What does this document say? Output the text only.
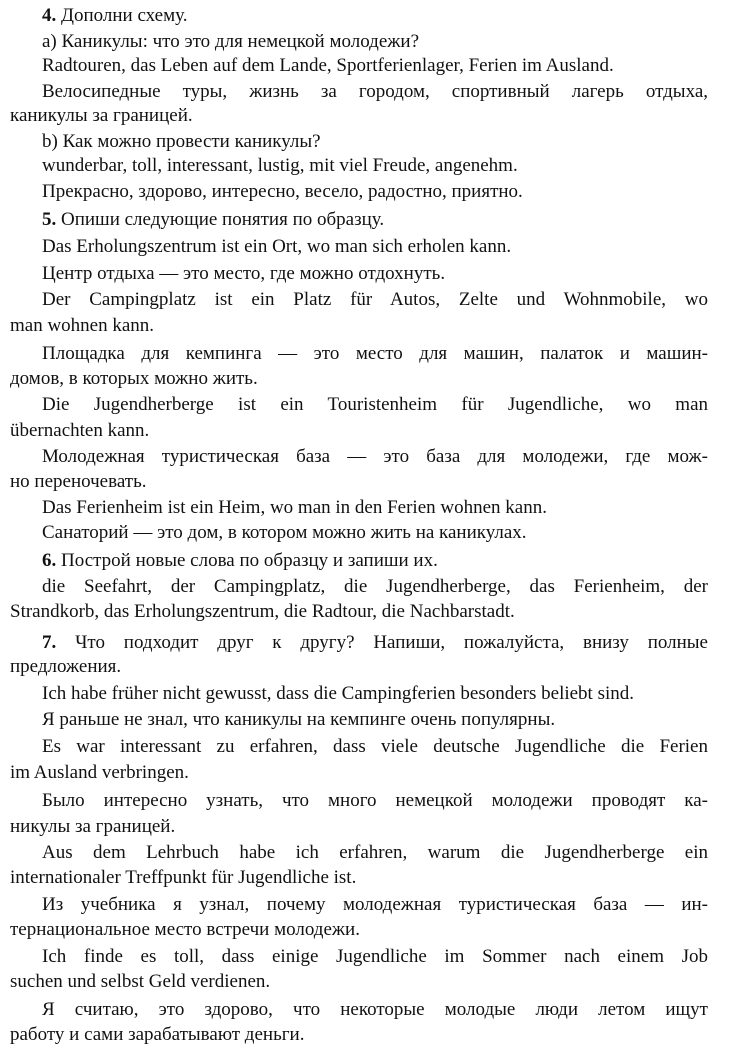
4. Дополни схему.
a) Каникулы: что это для немецкой молодежи?
Radtouren, das Leben auf dem Lande, Sportferienlager, Ferien im Ausland.
Велосипедные туры, жизнь за городом, спортивный лагерь отдыха,
каникулы за границей.
b) Как можно провести каникулы?
wunderbar, toll, interessant, lustig, mit viel Freude, angenehm.
Прекрасно, здорово, интересно, весело, радостно, приятно.
5. Опиши следующие понятия по образцу.
Das Erholungszentrum ist ein Ort, wo man sich erholen kann.
Центр отдыха — это место, где можно отдохнуть.
Der Campingplatz ist ein Platz für Autos, Zelte und Wohnmobile, wo
man wohnen kann.
Площадка для кемпинга — это место для машин, палаток и машин-
домов, в которых можно жить.
Die Jugendherberge ist ein Touristenheim für Jugendliche, wo man
übernachten kann.
Молодежная туристическая база — это база для молодежи, где мож-
но переночевать.
Das Ferienheim ist ein Heim, wo man in den Ferien wohnen kann.
Санаторий — это дом, в котором можно жить на каникулах.
6. Построй новые слова по образцу и запиши их.
die Seefahrt, der Campingplatz, die Jugendherberge, das Ferienheim, der
Strandkorb, das Erholungszentrum, die Radtour, die Nachbarstadt.
7. Что подходит друг к другу? Напиши, пожалуйста, внизу полные
предложения.
Ich habe früher nicht gewusst, dass die Campingferien besonders beliebt sind.
Я раньше не знал, что каникулы на кемпинге очень популярны.
Es war interessant zu erfahren, dass viele deutsche Jugendliche die Ferien
im Ausland verbringen.
Было интересно узнать, что много немецкой молодежи проводят ка-
никулы за границей.
Aus dem Lehrbuch habe ich erfahren, warum die Jugendherberge ein
internationaler Treffpunkt für Jugendliche ist.
Из учебника я узнал, почему молодежная туристическая база — ин-
тернациональное место встречи молодежи.
Ich finde es toll, dass einige Jugendliche im Sommer nach einem Job
suchen und selbst Geld verdienen.
Я считаю, это здорово, что некоторые молодые люди летом ищут
работу и сами зарабатывают деньги.
